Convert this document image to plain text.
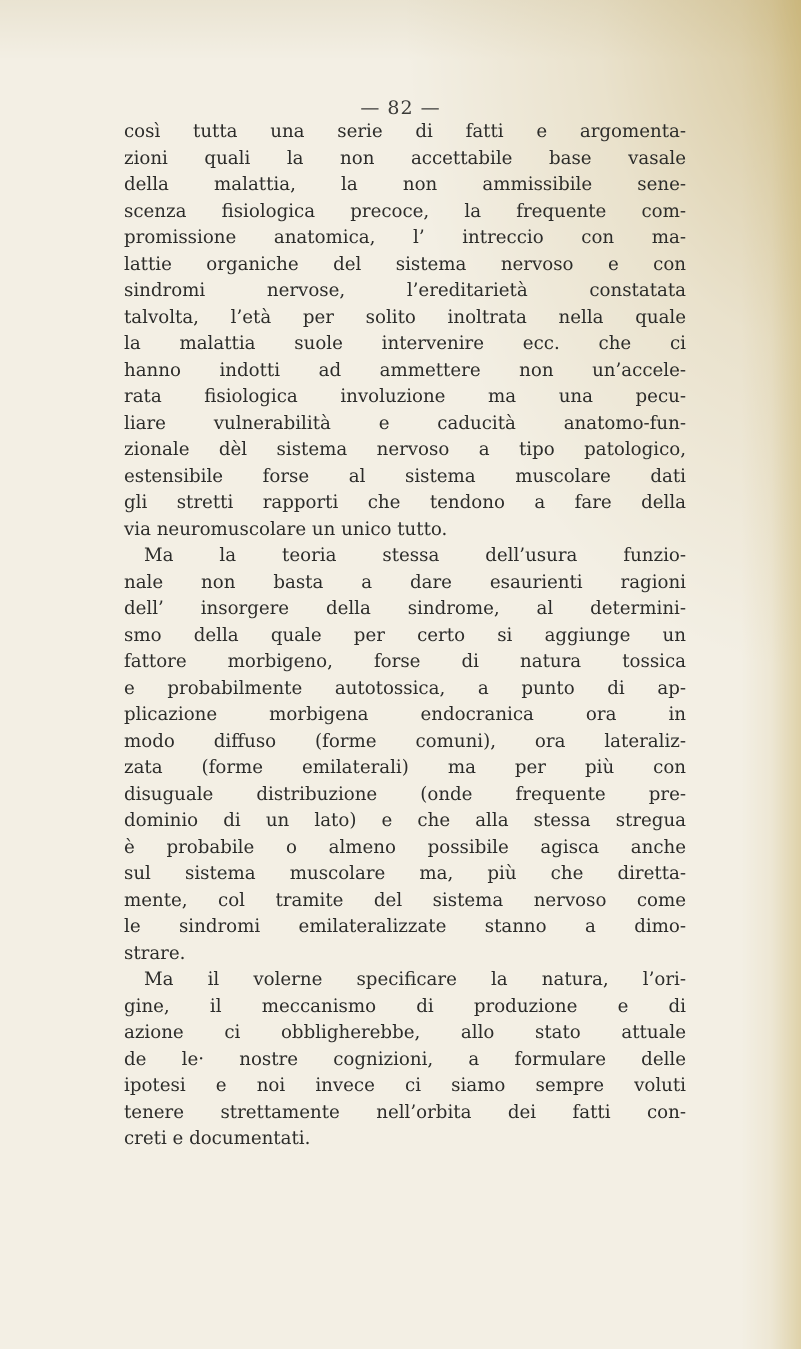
— 82 —
così tutta una serie di fatti e argomenta-
zioni quali la non accettabile base vasale
della malattia, la non ammissibile sene-
scenza fisiologica precoce, la frequente com-
promissione anatomica, l’ intreccio con ma-
lattie organiche del sistema nervoso e con
sindromi nervose, l’ereditarietà constatata
talvolta, l’età per solito inoltrata nella quale
la malattia suole intervenire ecc. che ci
hanno indotti ad ammettere non un’accele-
rata fisiologica involuzione ma una pecu-
liare vulnerabilità e caducità anatomo-fun-
zionale dèl sistema nervoso a tipo patologico,
estensibile forse al sistema muscolare dati
gli stretti rapporti che tendono a fare della
via neuromuscolare un unico tutto.
Ma la teoria stessa dell’usura funzio-
nale non basta a dare esaurienti ragioni
dell’ insorgere della sindrome, al determini-
smo della quale per certo si aggiunge un
fattore morbigeno, forse di natura tossica
e probabilmente autotossica, a punto di ap-
plicazione morbigena endocranica ora in
modo diffuso (forme comuni), ora lateraliz-
zata (forme emilaterali) ma per più con
disuguale distribuzione (onde frequente pre-
dominio di un lato) e che alla stessa stregua
è probabile o almeno possibile agisca anche
sul sistema muscolare ma, più che diretta-
mente, col tramite del sistema nervoso come
le sindromi emilateralizzate stanno a dimo-
strare.
Ma il volerne specificare la natura, l’ori-
gine, il meccanismo di produzione e di
azione ci obbligherebbe, allo stato attuale
de le· nostre cognizioni, a formulare delle
ipotesi e noi invece ci siamo sempre voluti
tenere strettamente nell’orbita dei fatti con-
creti e documentati.
